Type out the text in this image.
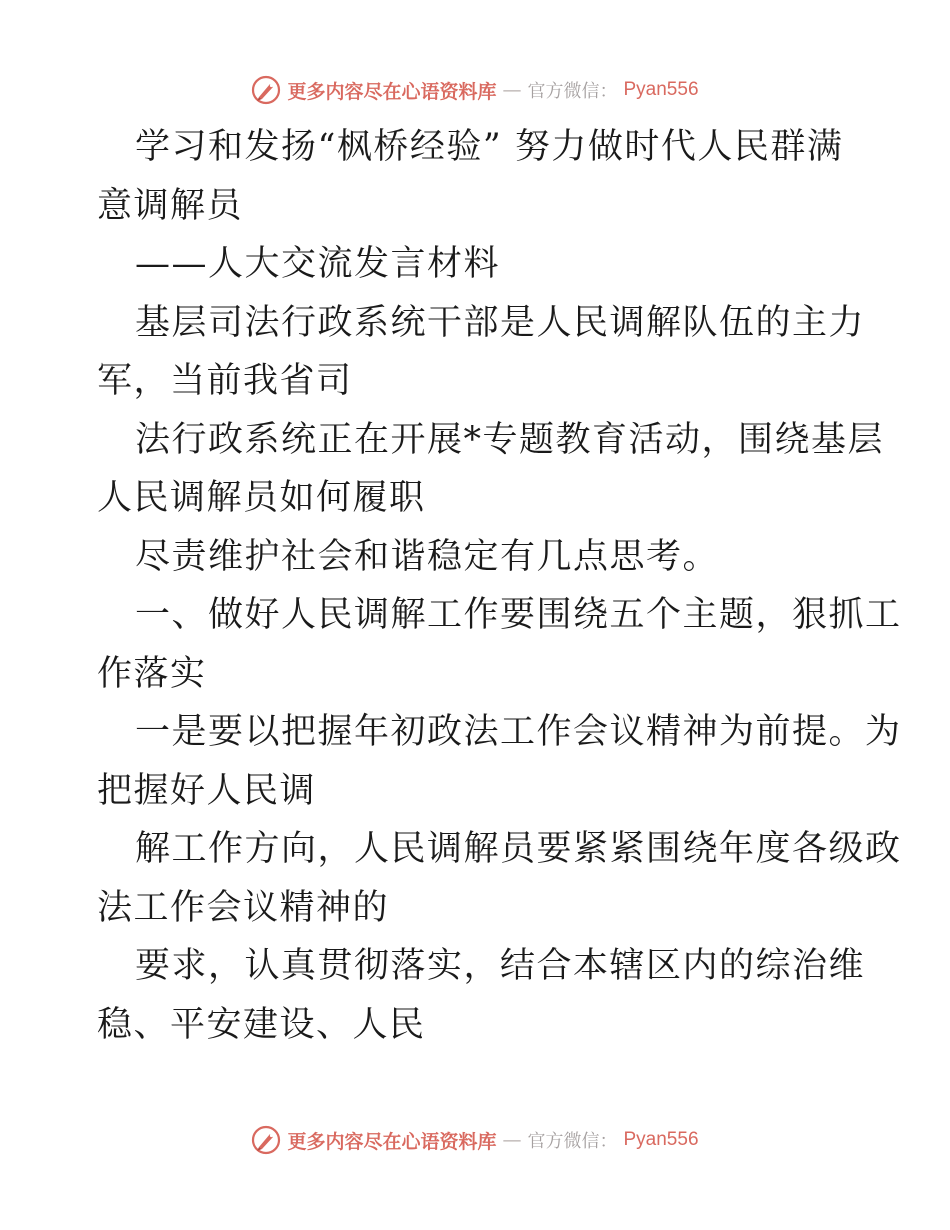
更多内容尽在心语资料库 — 官方微信： Pyan556
学习和发扬“枫桥经验” 努力做时代人民群满
意调解员
——人大交流发言材料
基层司法行政系统干部是人民调解队伍的主力
军，当前我省司
法行政系统正在开展*专题教育活动，围绕基层
人民调解员如何履职
尽责维护社会和谐稳定有几点思考。
一、做好人民调解工作要围绕五个主题，狠抓工
作落实
一是要以把握年初政法工作会议精神为前提。为
把握好人民调
解工作方向，人民调解员要紧紧围绕年度各级政
法工作会议精神的
要求，认真贯彻落实，结合本辖区内的综治维
稳、平安建设、人民
更多内容尽在心语资料库 — 官方微信： Pyan556
